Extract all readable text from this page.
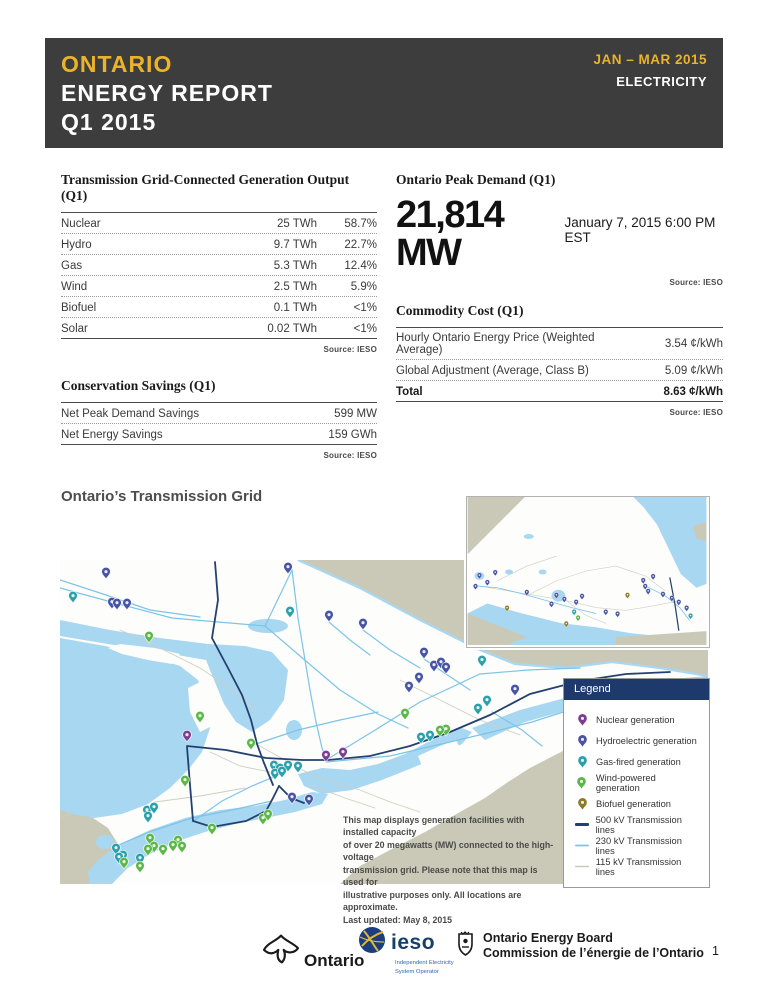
ONTARIO
ENERGY REPORT
Q1 2015
JAN – MAR 2015
ELECTRICITY
Transmission Grid-Connected Generation Output (Q1)
Nuclear	25 TWh	58.7%
Hydro	9.7 TWh	22.7%
Gas	5.3 TWh	12.4%
Wind	2.5 TWh	5.9%
Biofuel	0.1 TWh	<1%
Solar	0.02 TWh	<1%
Source: IESO
Conservation Savings (Q1)
Net Peak Demand Savings	599 MW
Net Energy Savings	159 GWh
Source: IESO
Ontario Peak Demand (Q1)
21,814 MW
January 7, 2015 6:00 PM EST
Source: IESO
Commodity Cost (Q1)
Hourly Ontario Energy Price (Weighted Average)	3.54 ¢/kWh
Global Adjustment (Average, Class B)	5.09 ¢/kWh
Total	8.63 ¢/kWh
Source: IESO
Ontario’s Transmission Grid
Legend
Nuclear generation
Hydroelectric generation
Gas-fired generation
Wind-powered generation
Biofuel generation
500 kV Transmission lines
230 kV Transmission lines
115 kV Transmission lines
This map displays generation facilities with installed capacity
of over 20 megawatts (MW) connected to the high-voltage
transmission grid. Please note that this map is used for
illustrative purposes only. All locations are approximate.
Last updated: May 8, 2015
Ontario
ieso
Independent Electricity
System Operator
Ontario Energy Board
Commission de l’énergie de l’Ontario 1
